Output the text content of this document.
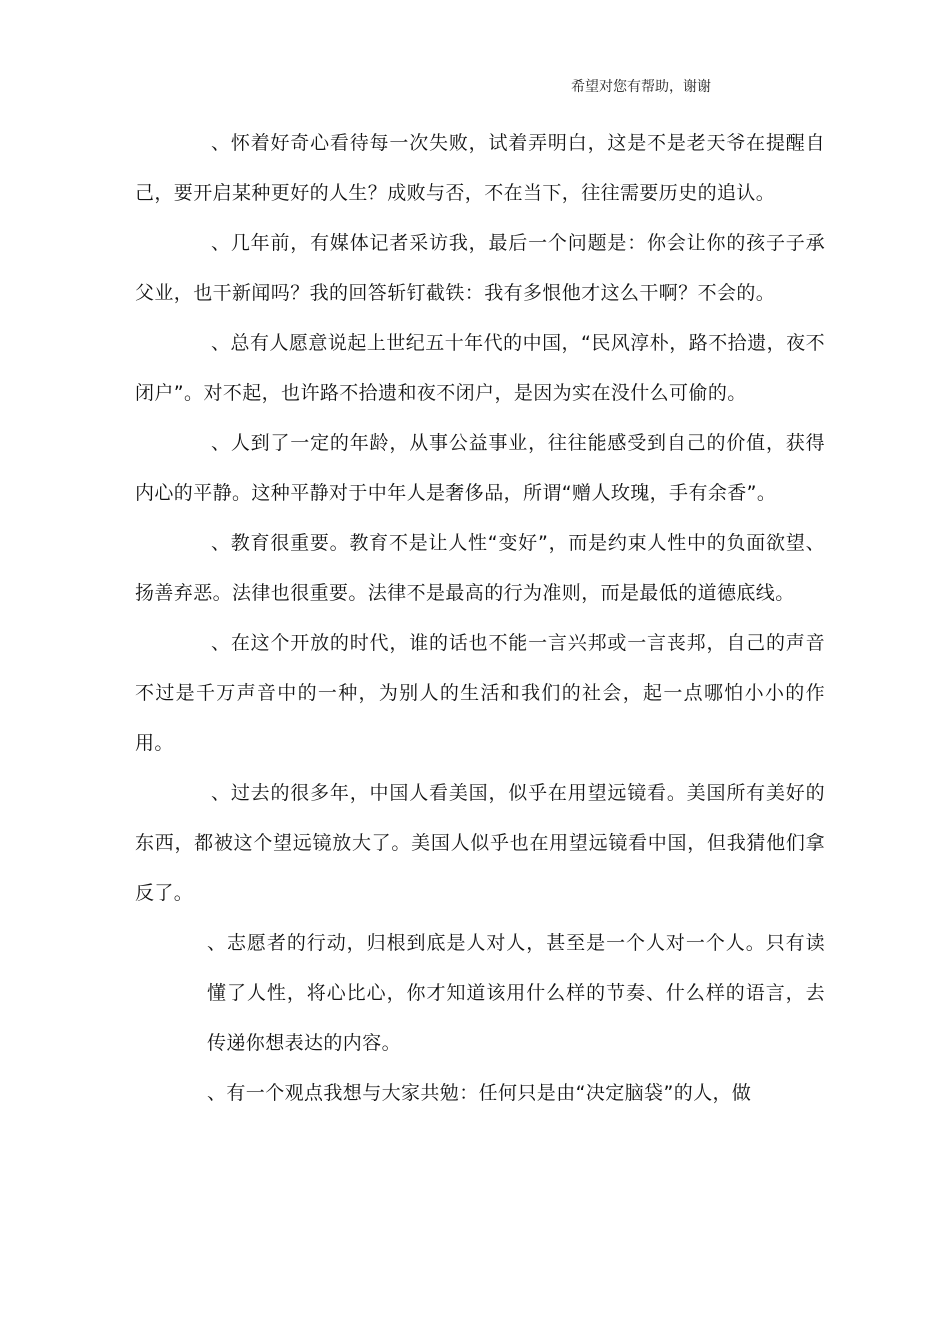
希望对您有帮助，谢谢

、怀着好奇心看待每一次失败，试着弄明白，这是不是老天爷在提醒自己，要开启某种更好的人生？成败与否，不在当下，往往需要历史的追认。

、几年前，有媒体记者采访我，最后一个问题是：你会让你的孩子子承父业，也干新闻吗？我的回答斩钉截铁：我有多恨他才这么干啊？不会的。

、总有人愿意说起上世纪五十年代的中国，“民风淳朴，路不拾遗，夜不闭户”。对不起，也许路不拾遗和夜不闭户，是因为实在没什么可偷的。

、人到了一定的年龄，从事公益事业，往往能感受到自己的价值，获得内心的平静。这种平静对于中年人是奢侈品，所谓“赠人玫瑰，手有余香”。

、教育很重要。教育不是让人性“变好”，而是约束人性中的负面欲望、扬善弃恶。法律也很重要。法律不是最高的行为准则，而是最低的道德底线。

、在这个开放的时代，谁的话也不能一言兴邦或一言丧邦，自己的声音不过是千万声音中的一种，为别人的生活和我们的社会，起一点哪怕小小的作用。

、过去的很多年，中国人看美国，似乎在用望远镜看。美国所有美好的东西，都被这个望远镜放大了。美国人似乎也在用望远镜看中国，但我猜他们拿反了。

、志愿者的行动，归根到底是人对人，甚至是一个人对一个人。只有读懂了人性，将心比心，你才知道该用什么样的节奏、什么样的语言，去传递你想表达的内容。

、有一个观点我想与大家共勉：任何只是由“决定脑袋”的人，做
